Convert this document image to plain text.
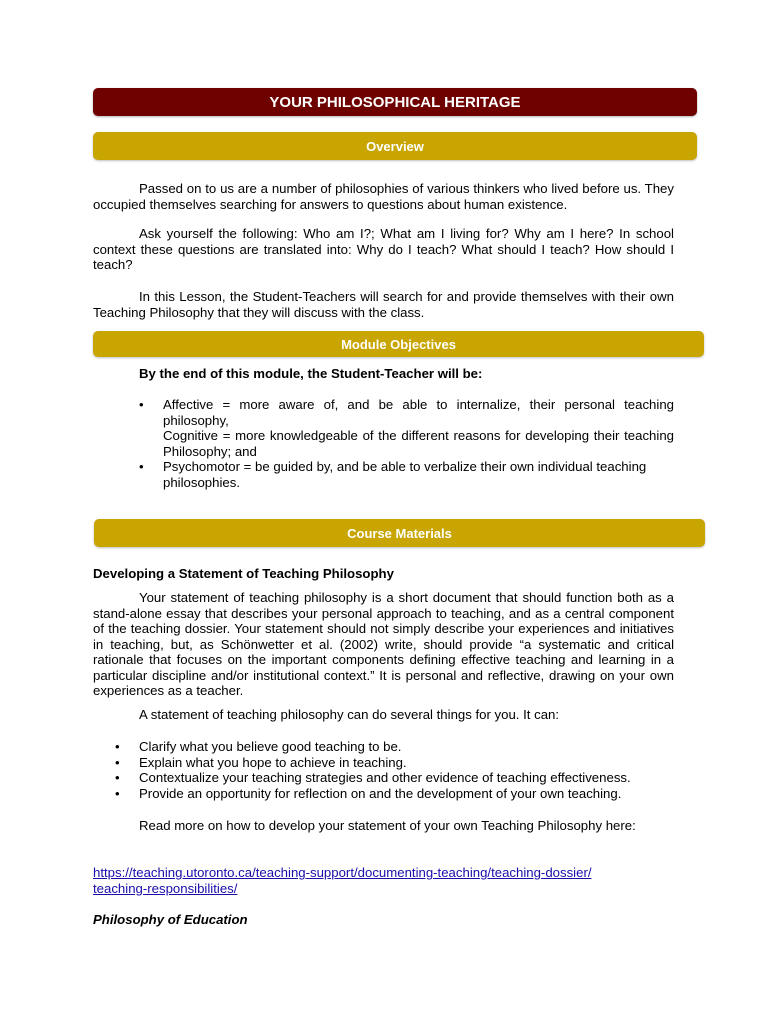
YOUR PHILOSOPHICAL HERITAGE
Overview

Passed on to us are a number of philosophies of various thinkers who lived before us. They occupied themselves searching for answers to questions about human existence.

Ask yourself the following: Who am I?; What am I living for? Why am I here? In school context these questions are translated into: Why do I teach? What should I teach? How should I teach?

In this Lesson, the Student-Teachers will search for and provide themselves with their own Teaching Philosophy that they will discuss with the class.

Module Objectives

By the end of this module, the Student-Teacher will be:

• Affective = more aware of, and be able to internalize, their personal teaching philosophy,
Cognitive = more knowledgeable of the different reasons for developing their teaching Philosophy; and
• Psychomotor = be guided by, and be able to verbalize their own individual teaching
philosophies.
Course Materials
Developing a Statement of Teaching Philosophy

Your statement of teaching philosophy is a short document that should function both as a stand-alone essay that describes your personal approach to teaching, and as a central component of the teaching dossier. Your statement should not simply describe your experiences and initiatives in teaching, but, as Schönwetter et al. (2002) write, should provide “a systematic and critical rationale that focuses on the important components defining effective teaching and learning in a particular discipline and/or institutional context.” It is personal and reflective, drawing on your own experiences as a teacher.

A statement of teaching philosophy can do several things for you. It can:

• Clarify what you believe good teaching to be.
• Explain what you hope to achieve in teaching.
• Contextualize your teaching strategies and other evidence of teaching effectiveness.
• Provide an opportunity for reflection on and the development of your own teaching.

Read more on how to develop your statement of your own Teaching Philosophy here:

https://teaching.utoronto.ca/teaching-support/documenting-teaching/teaching-dossier/
teaching-responsibilities/
Philosophy of Education
